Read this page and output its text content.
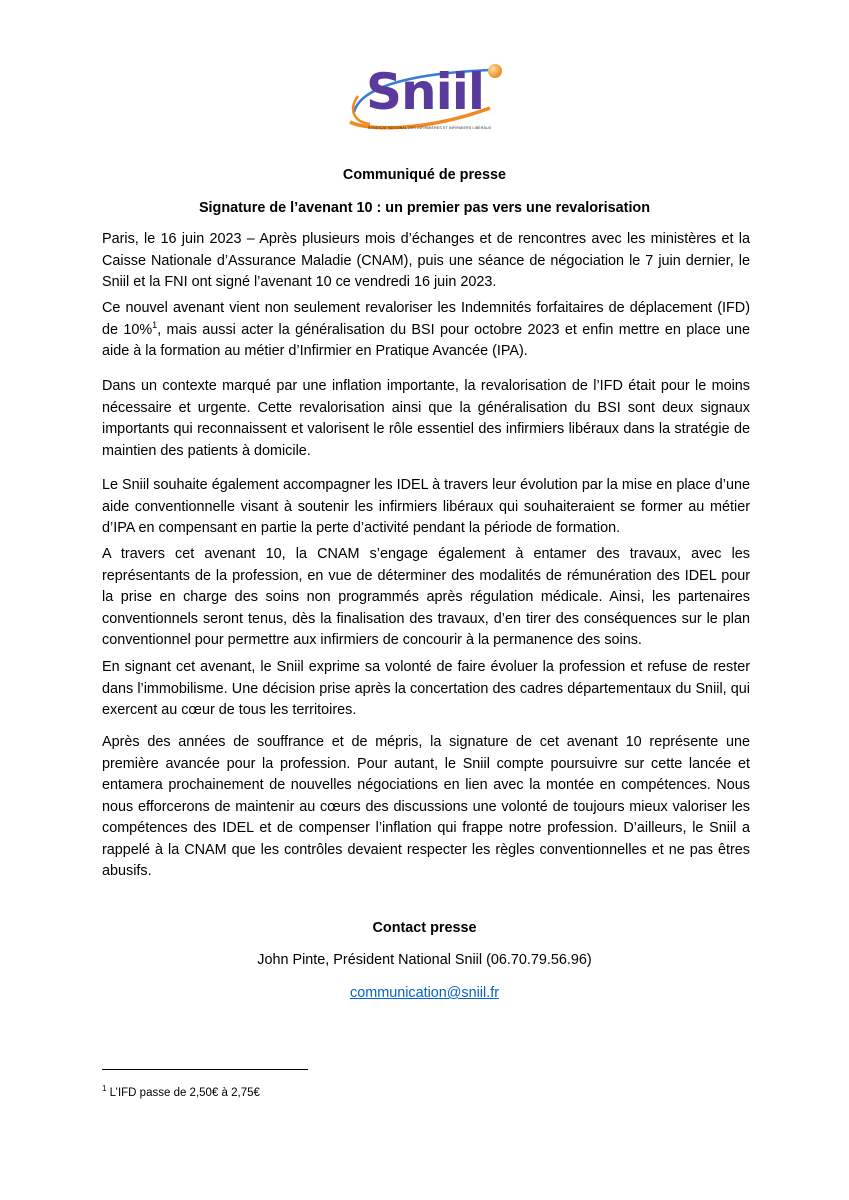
Sniil
SYNDICAT NATIONAL DES INFIRMIÈRES ET INFIRMIERS LIBÉRAUX
Communiqué de presse
Signature de l’avenant 10 : un premier pas vers une revalorisation

Paris, le 16 juin 2023 – Après plusieurs mois d’échanges et de rencontres avec les ministères et la Caisse Nationale d’Assurance Maladie (CNAM), puis une séance de négociation le 7 juin dernier, le Sniil et la FNI ont signé l’avenant 10 ce vendredi 16 juin 2023.

Ce nouvel avenant vient non seulement revaloriser les Indemnités forfaitaires de déplacement (IFD) de 10%$^1$, mais aussi acter la généralisation du BSI pour octobre 2023 et enfin mettre en place une aide à la formation au métier d’Infirmier en Pratique Avancée (IPA).

Dans un contexte marqué par une inflation importante, la revalorisation de l’IFD était pour le moins nécessaire et urgente. Cette revalorisation ainsi que la généralisation du BSI sont deux signaux importants qui reconnaissent et valorisent le rôle essentiel des infirmiers libéraux dans la stratégie de maintien des patients à domicile.

Le Sniil souhaite également accompagner les IDEL à travers leur évolution par la mise en place d’une aide conventionnelle visant à soutenir les infirmiers libéraux qui souhaiteraient se former au métier d’IPA en compensant en partie la perte d’activité pendant la période de formation.

A travers cet avenant 10, la CNAM s’engage également à entamer des travaux, avec les représentants de la profession, en vue de déterminer des modalités de rémunération des IDEL pour la prise en charge des soins non programmés après régulation médicale. Ainsi, les partenaires conventionnels seront tenus, dès la finalisation des travaux, d’en tirer des conséquences sur le plan conventionnel pour permettre aux infirmiers de concourir à la permanence des soins.

En signant cet avenant, le Sniil exprime sa volonté de faire évoluer la profession et refuse de rester dans l’immobilisme. Une décision prise après la concertation des cadres départementaux du Sniil, qui exercent au cœur de tous les territoires.

Après des années de souffrance et de mépris, la signature de cet avenant 10 représente une première avancée pour la profession. Pour autant, le Sniil compte poursuivre sur cette lancée et entamera prochainement de nouvelles négociations en lien avec la montée en compétences. Nous nous efforcerons de maintenir au cœurs des discussions une volonté de toujours mieux valoriser les compétences des IDEL et de compenser l’inflation qui frappe notre profession. D’ailleurs, le Sniil a rappelé à la CNAM que les contrôles devaient respecter les règles conventionnelles et ne pas êtres abusifs.

Contact presse
John Pinte, Président National Sniil (06.70.79.56.96)
communication@sniil.fr
$^1$ L’IFD passe de 2,50€ à 2,75€
